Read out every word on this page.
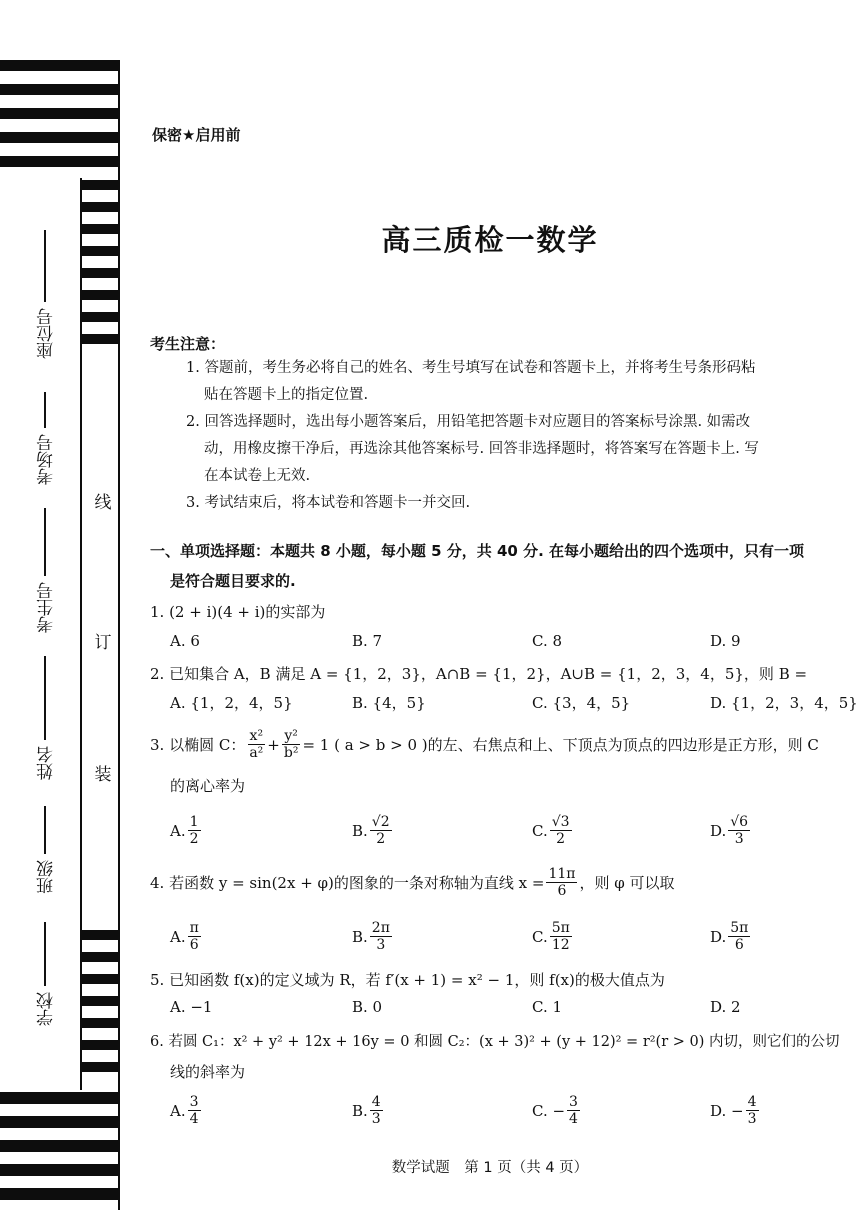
座位号
考场号
考生号
姓名
班级
学校
线
订
装
保密★启用前
高三质检一数学
考生注意：
1. 答题前，考生务必将自己的姓名、考生号填写在试卷和答题卡上，并将考生号条形码粘
贴在答题卡上的指定位置.
2. 回答选择题时，选出每小题答案后，用铅笔把答题卡对应题目的答案标号涂黑. 如需改
动，用橡皮擦干净后，再选涂其他答案标号. 回答非选择题时，将答案写在答题卡上. 写
在本试卷上无效.
3. 考试结束后，将本试卷和答题卡一并交回.
一、单项选择题：本题共 8 小题，每小题 5 分，共 40 分. 在每小题给出的四个选项中，只有一项
是符合题目要求的.
1. (2 + i)(4 + i)的实部为
A. 6	B. 7	C. 8	D. 9
2. 已知集合 A，B 满足 A = {1，2，3}，A∩B = {1，2}，A∪B = {1，2，3，4，5}，则 B =
A. {1，2，4，5}	B. {4，5}	C. {3，4，5}	D. {1，2，3，4，5}
3. 以椭圆 C： $\frac{\text{x²}}{\text{a²}} + \frac{\text{y²}}{\text{b²}} = 1$ ( a > b > 0 ) 的左、右焦点和上、下顶点为顶点的四边形是正方形，则 C
的离心率为
A. $\frac{1}{2}$	B. $\frac{√2}{2}$	C. $\frac{√3}{2}$	D. $\frac{√6}{3}$
4. 若函数 y = sin(2x + φ)的图象的一条对称轴为直线 $x = \frac{11\pi}{6}$ ，则 φ 可以取
A. $\frac{\pi}{6}$	B. $\frac{2\pi}{3}$	C. $\frac{5\pi}{12}$	D. $\frac{5\pi}{6}$
5. 已知函数 f(x)的定义域为 R，若 f′(x + 1) = x² − 1，则 f(x)的极大值点为
A. −1	B. 0	C. 1	D. 2
6. 若圆 C₁：x² + y² + 12x + 16y = 0 和圆 C₂：(x + 3)² + (y + 12)² = r²(r > 0) 内切，则它们的公切
线的斜率为
A. $\frac{3}{4}$	B. $\frac{4}{3}$	C. − $\frac{3}{4}$	D. − $\frac{4}{3}$
数学试题　第 1 页（共 4 页）
